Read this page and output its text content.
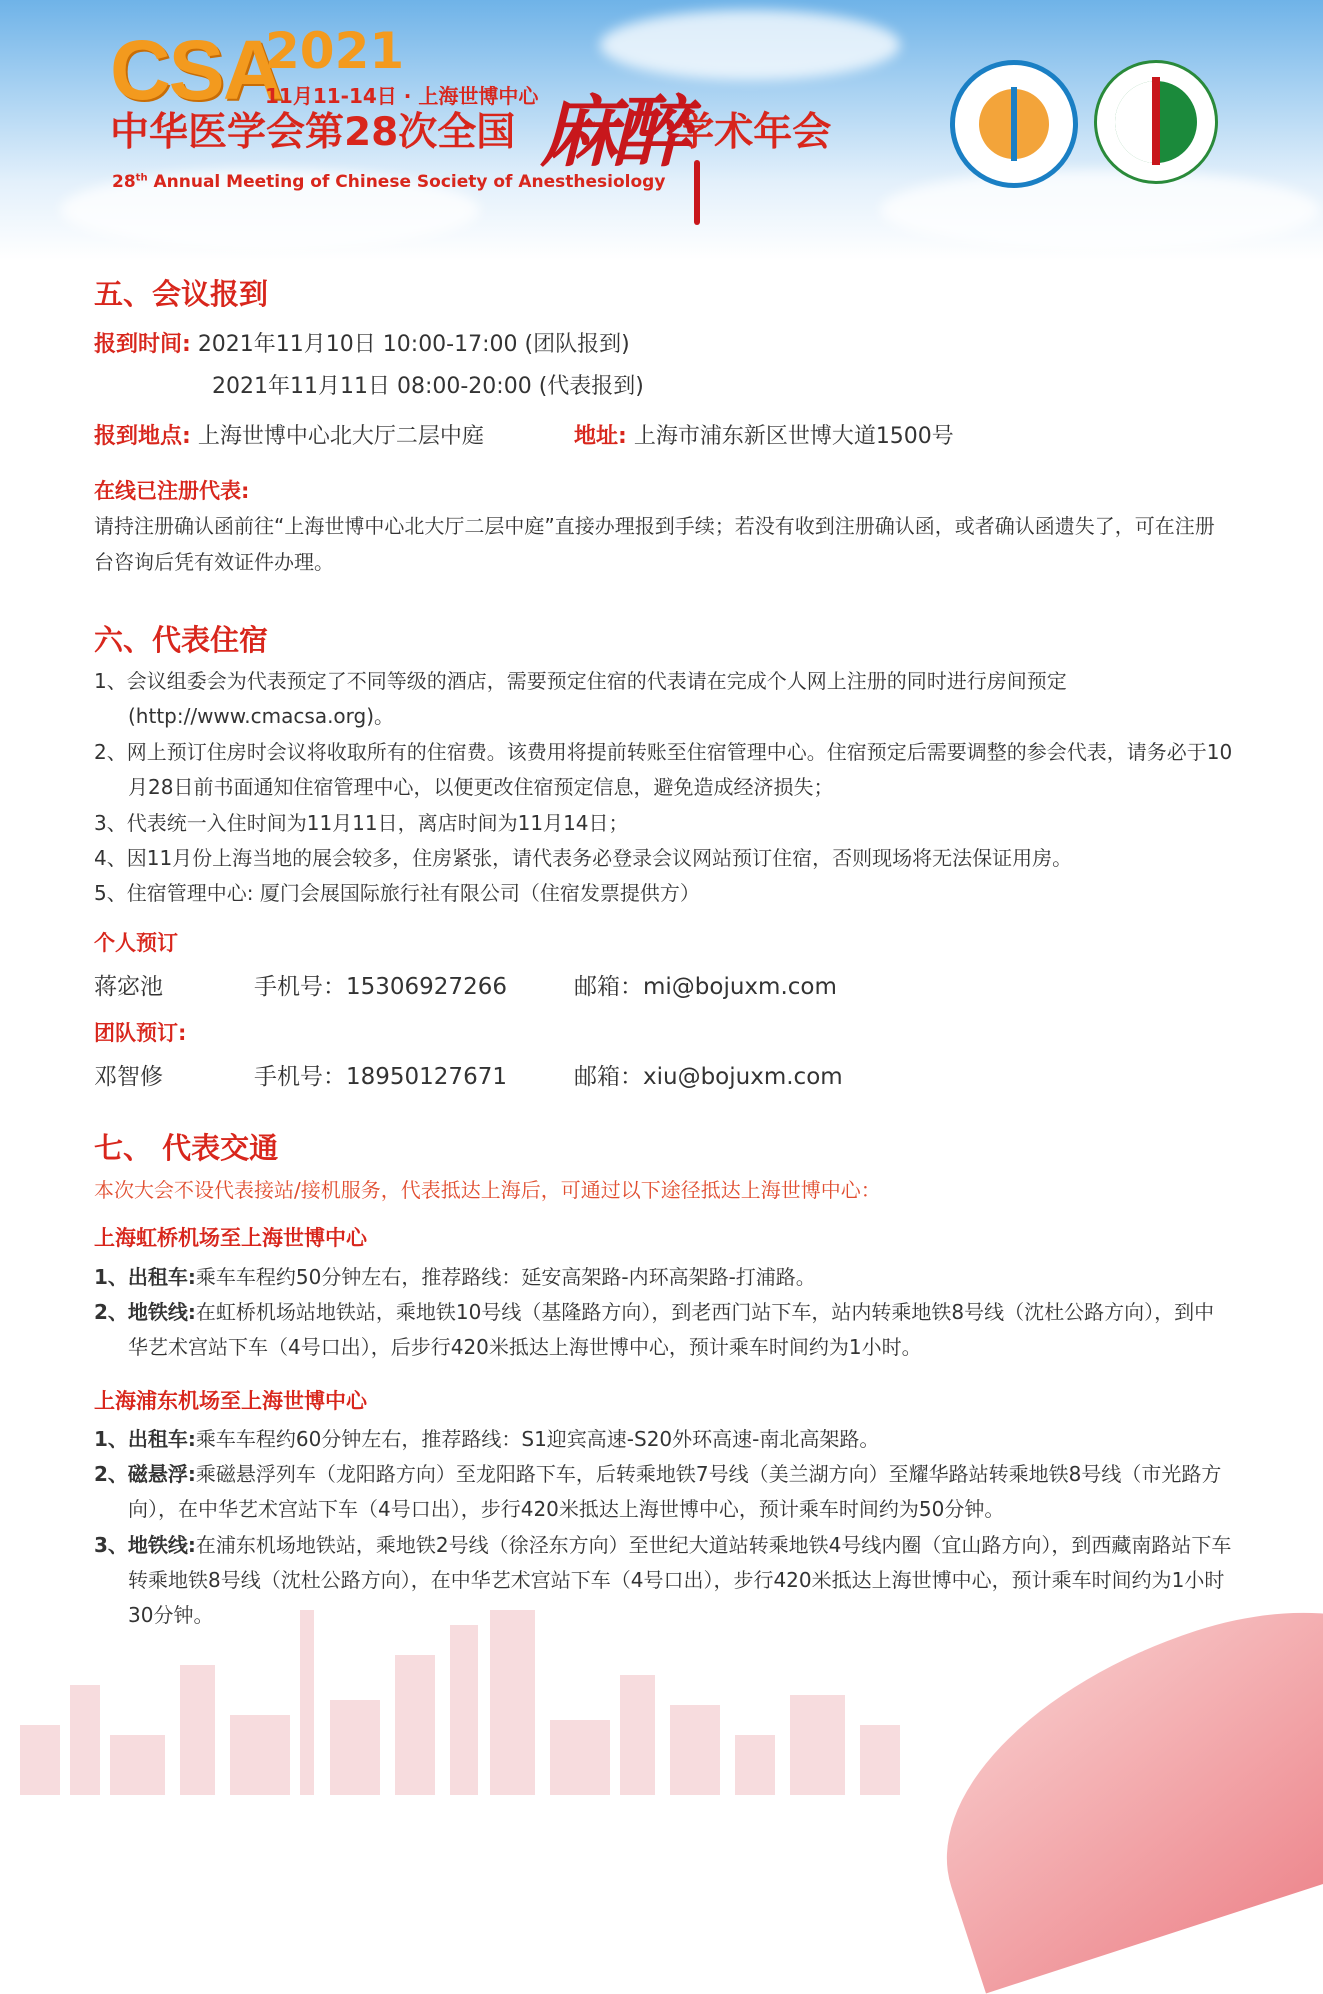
CSA
2021
11月11-14日 · 上海世博中心
中华医学会第28次全国	学术年会
麻醉
28th Annual Meeting of Chinese Society of Anesthesiology
五、会议报到
报到时间: 2021年11月10日 10:00-17:00 (团队报到)
2021年11月11日 08:00-20:00 (代表报到)
报到地点: 上海世博中心北大厅二层中庭	地址: 上海市浦东新区世博大道1500号
在线已注册代表:
请持注册确认函前往“上海世博中心北大厅二层中庭”直接办理报到手续；若没有收到注册确认函，或者确认函遗失了，可在注册台咨询后凭有效证件办理。
六、代表住宿
1、会议组委会为代表预定了不同等级的酒店，需要预定住宿的代表请在完成个人网上注册的同时进行房间预定(http://www.cmacsa.org)。
2、网上预订住房时会议将收取所有的住宿费。该费用将提前转账至住宿管理中心。住宿预定后需要调整的参会代表，请务必于10月28日前书面通知住宿管理中心，以便更改住宿预定信息，避免造成经济损失；
3、代表统一入住时间为11月11日，离店时间为11月14日；
4、因11月份上海当地的展会较多，住房紧张，请代表务必登录会议网站预订住宿，否则现场将无法保证用房。
5、住宿管理中心: 厦门会展国际旅行社有限公司（住宿发票提供方）
个人预订
蒋宓池	手机号：15306927266	邮箱：mi@bojuxm.com
团队预订:
邓智修	手机号：18950127671	邮箱：xiu@bojuxm.com
七、 代表交通
本次大会不设代表接站/接机服务，代表抵达上海后，可通过以下途径抵达上海世博中心：
上海虹桥机场至上海世博中心
1、出租车:乘车车程约50分钟左右，推荐路线：延安高架路-内环高架路-打浦路。
2、地铁线:在虹桥机场站地铁站，乘地铁10号线（基隆路方向），到老西门站下车，站内转乘地铁8号线（沈杜公路方向），到中华艺术宫站下车（4号口出），后步行420米抵达上海世博中心，预计乘车时间约为1小时。
上海浦东机场至上海世博中心
1、出租车:乘车车程约60分钟左右，推荐路线：S1迎宾高速-S20外环高速-南北高架路。
2、磁悬浮:乘磁悬浮列车（龙阳路方向）至龙阳路下车，后转乘地铁7号线（美兰湖方向）至耀华路站转乘地铁8号线（市光路方向），在中华艺术宫站下车（4号口出），步行420米抵达上海世博中心，预计乘车时间约为50分钟。
3、地铁线:在浦东机场地铁站，乘地铁2号线（徐泾东方向）至世纪大道站转乘地铁4号线内圈（宜山路方向），到西藏南路站下车转乘地铁8号线（沈杜公路方向），在中华艺术宫站下车（4号口出），步行420米抵达上海世博中心，预计乘车时间约为1小时30分钟。
